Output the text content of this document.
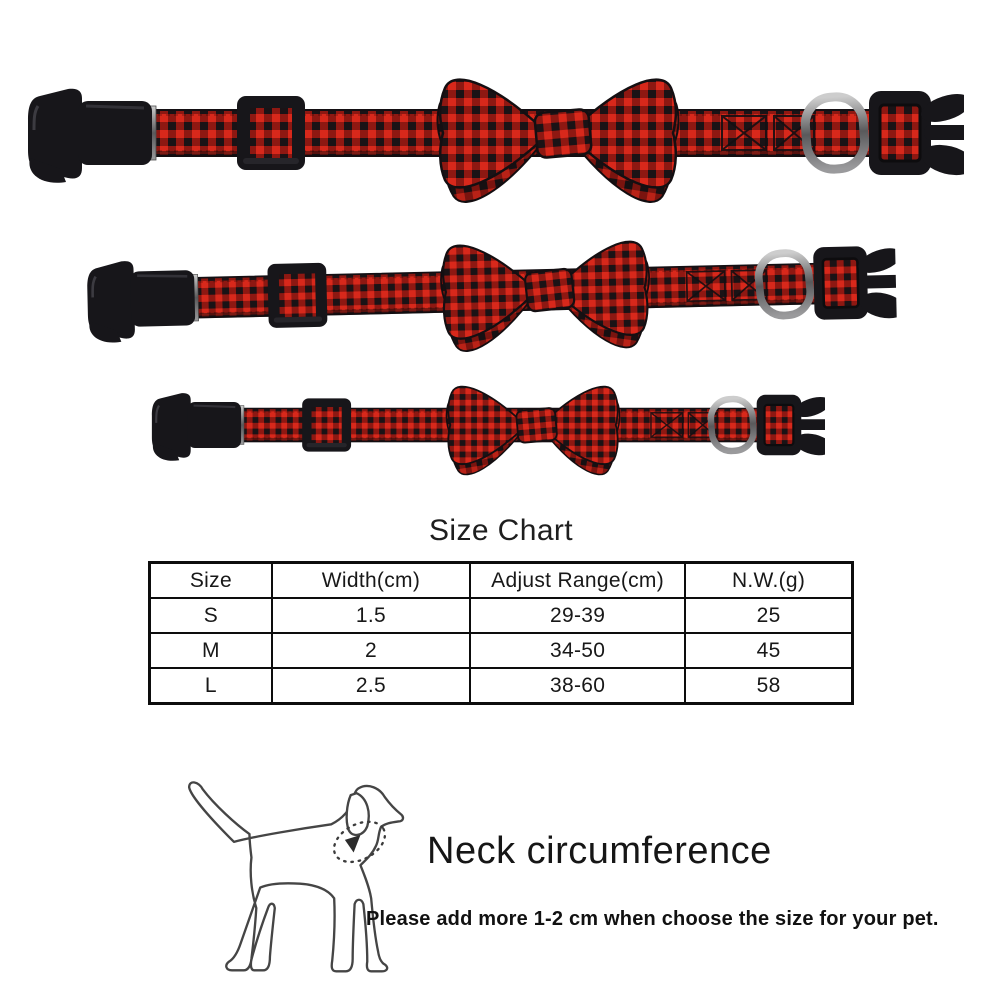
Size Chart
Size	Width(cm)	Adjust Range(cm)	N.W.(g)
S	1.5	29-39	25
M	2	34-50	45
L	2.5	38-60	58
Neck circumference
Please add more 1-2 cm when choose the size for your pet.
